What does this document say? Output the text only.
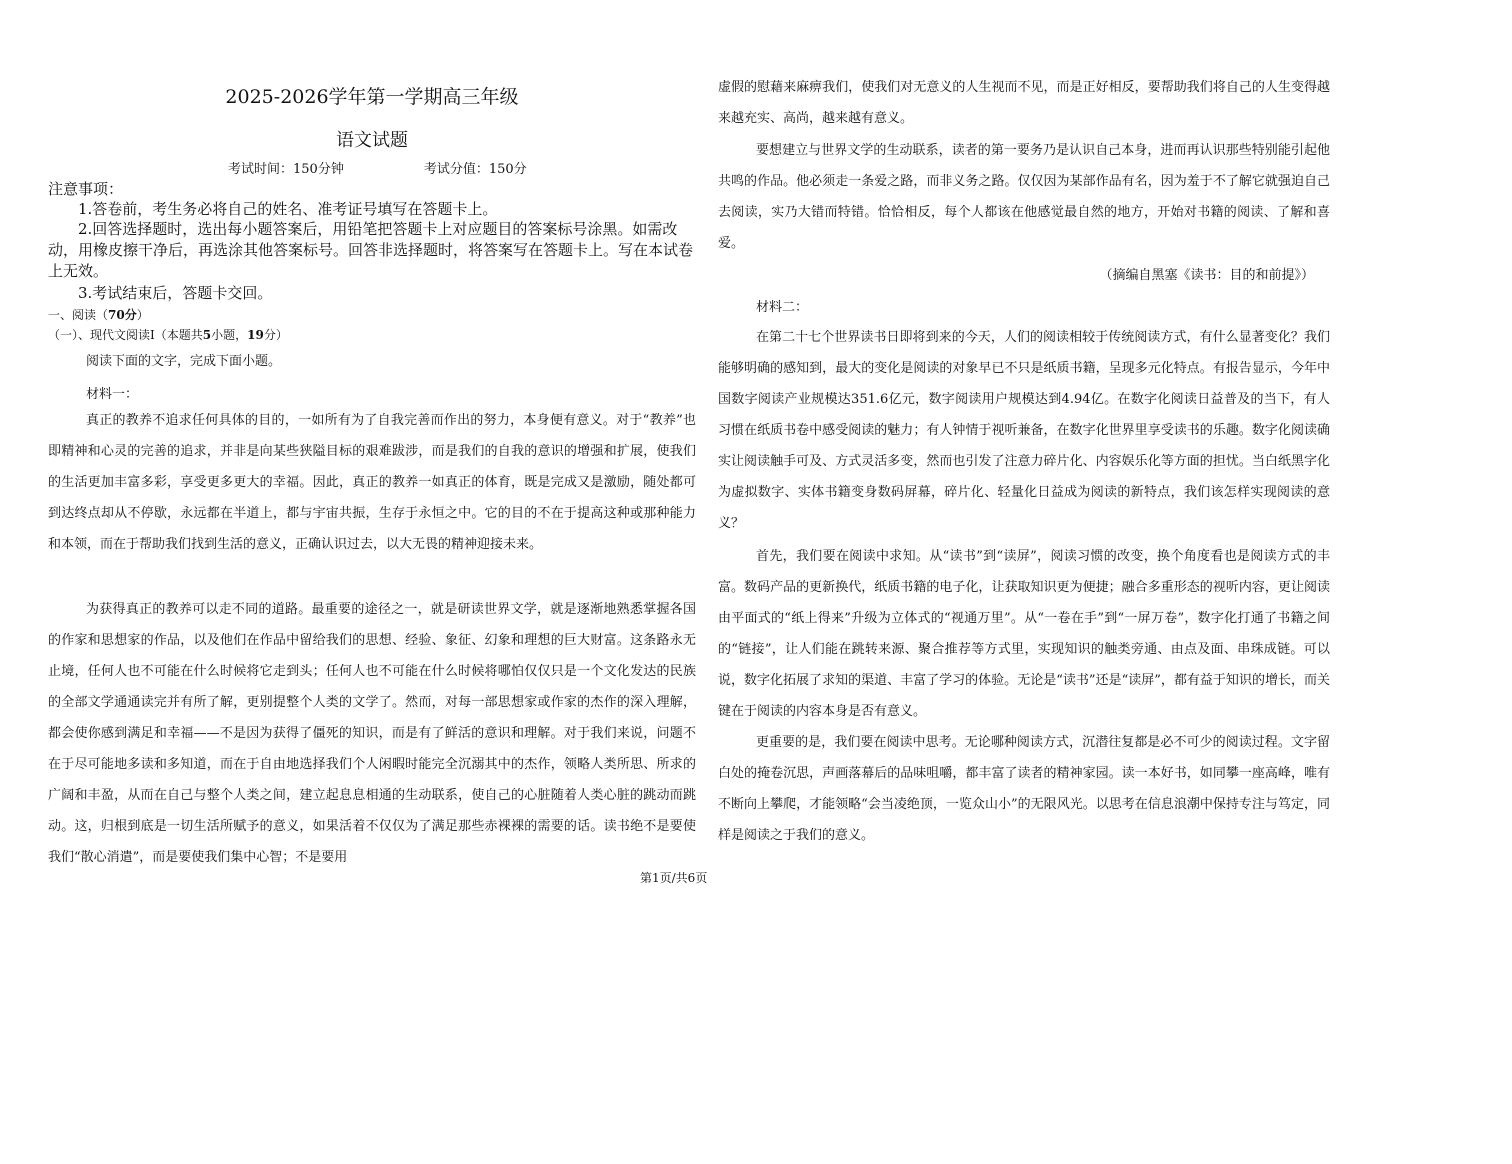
2025-2026学年第一学期高三年级
语文试题
考试时间：150分钟	考试分值：150分
注意事项：
1.答卷前，考生务必将自己的姓名、准考证号填写在答题卡上。
2.回答选择题时，选出每小题答案后，用铅笔把答题卡上对应题目的答案标号涂黑。如需改动，用橡皮擦干净后，再选涂其他答案标号。回答非选择题时，将答案写在答题卡上。写在本试卷上无效。
3.考试结束后，答题卡交回。
一、阅读（70分）
（一）、现代文阅读Ⅰ（本题共5小题，19分）
阅读下面的文字，完成下面小题。
材料一：
真正的教养不追求任何具体的目的，一如所有为了自我完善而作出的努力，本身便有意义。对于“教养”也即精神和心灵的完善的追求，并非是向某些狭隘目标的艰难跋涉，而是我们的自我的意识的增强和扩展，使我们的生活更加丰富多彩，享受更多更大的幸福。因此，真正的教养一如真正的体育，既是完成又是激励，随处都可到达终点却从不停歇，永远都在半道上，都与宇宙共振，生存于永恒之中。它的目的不在于提高这种或那种能力和本领，而在于帮助我们找到生活的意义，正确认识过去，以大无畏的精神迎接未来。
为获得真正的教养可以走不同的道路。最重要的途径之一，就是研读世界文学，就是逐渐地熟悉掌握各国的作家和思想家的作品，以及他们在作品中留给我们的思想、经验、象征、幻象和理想的巨大财富。这条路永无止境，任何人也不可能在什么时候将它走到头；任何人也不可能在什么时候将哪怕仅仅只是一个文化发达的民族的全部文学通通读完并有所了解，更别提整个人类的文学了。然而，对每一部思想家或作家的杰作的深入理解，都会使你感到满足和幸福——不是因为获得了僵死的知识，而是有了鲜活的意识和理解。对于我们来说，问题不在于尽可能地多读和多知道，而在于自由地选择我们个人闲暇时能完全沉溺其中的杰作，领略人类所思、所求的广阔和丰盈，从而在自己与整个人类之间，建立起息息相通的生动联系，使自己的心脏随着人类心脏的跳动而跳动。这，归根到底是一切生活所赋予的意义，如果活着不仅仅为了满足那些赤裸裸的需要的话。读书绝不是要使我们“散心消遣”，而是要使我们集中心智；不是要用
虚假的慰藉来麻痹我们，使我们对无意义的人生视而不见，而是正好相反，要帮助我们将自己的人生变得越来越充实、高尚，越来越有意义。
要想建立与世界文学的生动联系，读者的第一要务乃是认识自己本身，进而再认识那些特别能引起他共鸣的作品。他必须走一条爱之路，而非义务之路。仅仅因为某部作品有名，因为羞于不了解它就强迫自己去阅读，实乃大错而特错。恰恰相反，每个人都该在他感觉最自然的地方，开始对书籍的阅读、了解和喜爱。
（摘编自黑塞《读书：目的和前提》）
材料二：
在第二十七个世界读书日即将到来的今天，人们的阅读相较于传统阅读方式，有什么显著变化？我们能够明确的感知到，最大的变化是阅读的对象早已不只是纸质书籍，呈现多元化特点。有报告显示，今年中国数字阅读产业规模达351.6亿元，数字阅读用户规模达到4.94亿。在数字化阅读日益普及的当下，有人习惯在纸质书卷中感受阅读的魅力；有人钟情于视听兼备，在数字化世界里享受读书的乐趣。数字化阅读确实让阅读触手可及、方式灵活多变，然而也引发了注意力碎片化、内容娱乐化等方面的担忧。当白纸黑字化为虚拟数字、实体书籍变身数码屏幕，碎片化、轻量化日益成为阅读的新特点，我们该怎样实现阅读的意义？
首先，我们要在阅读中求知。从“读书”到“读屏”，阅读习惯的改变，换个角度看也是阅读方式的丰富。数码产品的更新换代，纸质书籍的电子化，让获取知识更为便捷；融合多重形态的视听内容，更让阅读由平面式的“纸上得来”升级为立体式的“视通万里”。从“一卷在手”到“一屏万卷”，数字化打通了书籍之间的“链接”，让人们能在跳转来源、聚合推荐等方式里，实现知识的触类旁通、由点及面、串珠成链。可以说，数字化拓展了求知的渠道、丰富了学习的体验。无论是“读书”还是“读屏”，都有益于知识的增长，而关键在于阅读的内容本身是否有意义。
更重要的是，我们要在阅读中思考。无论哪种阅读方式，沉潜往复都是必不可少的阅读过程。文字留白处的掩卷沉思，声画落幕后的品味咀嚼，都丰富了读者的精神家园。读一本好书，如同攀一座高峰，唯有不断向上攀爬，才能领略“会当凌绝顶，一览众山小”的无限风光。以思考在信息浪潮中保持专注与笃定，同样是阅读之于我们的意义。
第1页/共6页
